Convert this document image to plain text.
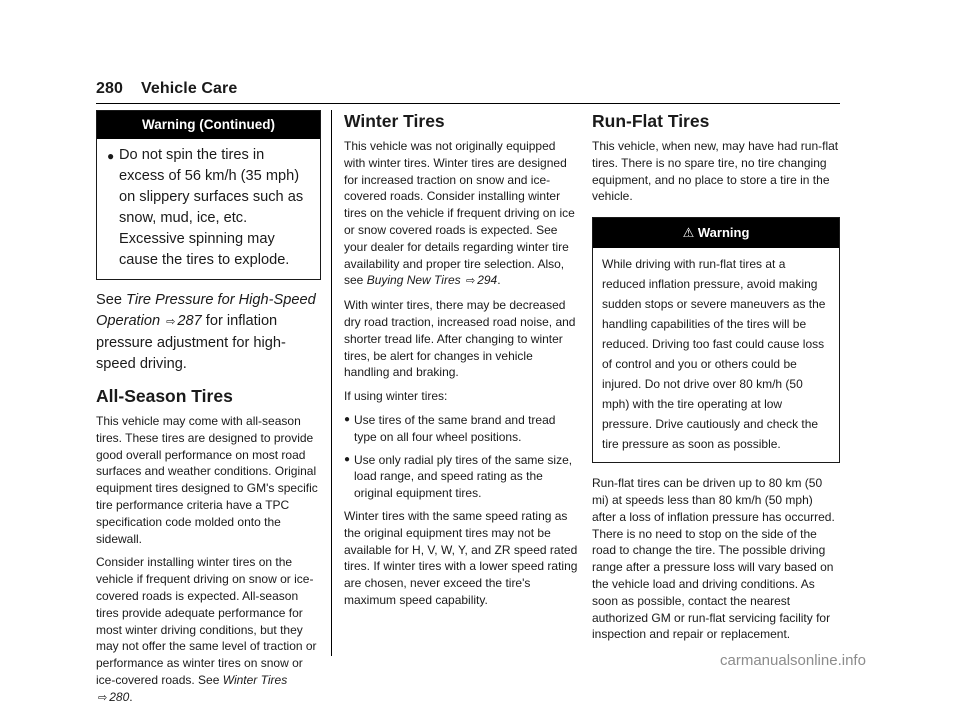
280 Vehicle Care
Warning (Continued)
● Do not spin the tires in excess of 56 km/h (35 mph) on slippery surfaces such as snow, mud, ice, etc. Excessive spinning may cause the tires to explode.

See Tire Pressure for High-Speed Operation ⇨ 287 for inflation pressure adjustment for high-speed driving.

All-Season Tires

This vehicle may come with all-season tires. These tires are designed to provide good overall performance on most road surfaces and weather conditions. Original equipment tires designed to GM's specific tire performance criteria have a TPC specification code molded onto the sidewall.

Consider installing winter tires on the vehicle if frequent driving on snow or ice-covered roads is expected. All-season tires provide adequate performance for most winter driving conditions, but they may not offer the same level of traction or performance as winter tires on snow or ice-covered roads. See Winter Tires ⇨ 280.

Winter Tires

This vehicle was not originally equipped with winter tires. Winter tires are designed for increased traction on snow and ice-covered roads. Consider installing winter tires on the vehicle if frequent driving on ice or snow covered roads is expected. See your dealer for details regarding winter tire availability and proper tire selection. Also, see Buying New Tires ⇨ 294.

With winter tires, there may be decreased dry road traction, increased road noise, and shorter tread life. After changing to winter tires, be alert for changes in vehicle handling and braking.

If using winter tires:

● Use tires of the same brand and tread type on all four wheel positions.
● Use only radial ply tires of the same size, load range, and speed rating as the original equipment tires.

Winter tires with the same speed rating as the original equipment tires may not be available for H, V, W, Y, and ZR speed rated tires. If winter tires with a lower speed rating are chosen, never exceed the tire's maximum speed capability.

Run-Flat Tires

This vehicle, when new, may have had run-flat tires. There is no spare tire, no tire changing equipment, and no place to store a tire in the vehicle.

⚠ Warning
While driving with run-flat tires at a reduced inflation pressure, avoid making sudden stops or severe maneuvers as the handling capabilities of the tires will be reduced. Driving too fast could cause loss of control and you or others could be injured. Do not drive over 80 km/h (50 mph) with the tire operating at low pressure. Drive cautiously and check the tire pressure as soon as possible.

Run-flat tires can be driven up to 80 km (50 mi) at speeds less than 80 km/h (50 mph) after a loss of inflation pressure has occurred. There is no need to stop on the side of the road to change the tire. The possible driving range after a pressure loss will vary based on the vehicle load and driving conditions. As soon as possible, contact the nearest authorized GM or run-flat servicing facility for inspection and repair or replacement.

carmanualsonline.info
